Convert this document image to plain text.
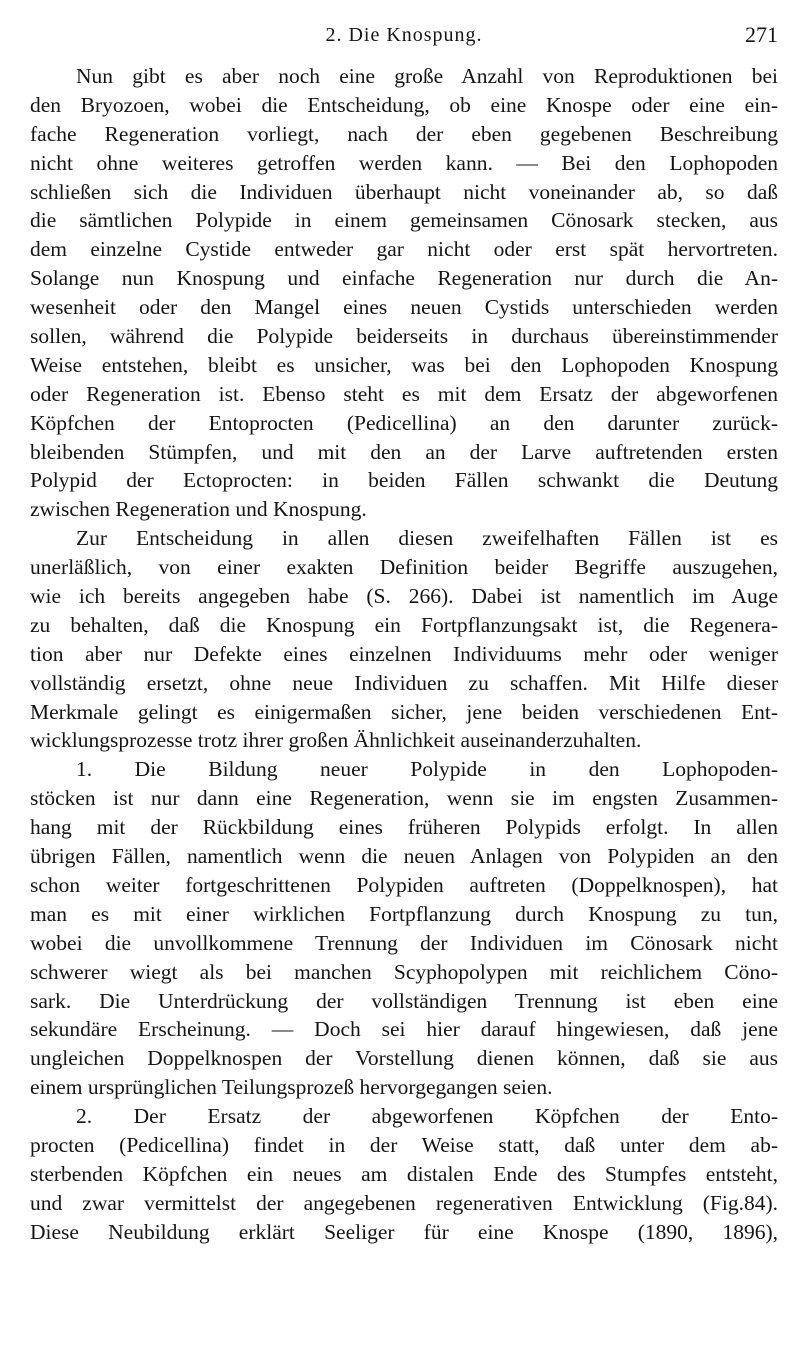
2. Die Knospung.	271
Nun gibt es aber noch eine große Anzahl von Reproduktionen bei
den Bryozoen, wobei die Entscheidung, ob eine Knospe oder eine ein-
fache Regeneration vorliegt, nach der eben gegebenen Beschreibung
nicht ohne weiteres getroffen werden kann. — Bei den Lophopoden
schließen sich die Individuen überhaupt nicht voneinander ab, so daß
die sämtlichen Polypide in einem gemeinsamen Cönosark stecken, aus
dem einzelne Cystide entweder gar nicht oder erst spät hervortreten.
Solange nun Knospung und einfache Regeneration nur durch die An-
wesenheit oder den Mangel eines neuen Cystids unterschieden werden
sollen, während die Polypide beiderseits in durchaus übereinstimmender
Weise entstehen, bleibt es unsicher, was bei den Lophopoden Knospung
oder Regeneration ist. Ebenso steht es mit dem Ersatz der abgeworfenen
Köpfchen der Entoprocten (Pedicellina) an den darunter zurück-
bleibenden Stümpfen, und mit den an der Larve auftretenden ersten
Polypid der Ectoprocten: in beiden Fällen schwankt die Deutung
zwischen Regeneration und Knospung.
Zur Entscheidung in allen diesen zweifelhaften Fällen ist es
unerläßlich, von einer exakten Definition beider Begriffe auszugehen,
wie ich bereits angegeben habe (S. 266). Dabei ist namentlich im Auge
zu behalten, daß die Knospung ein Fortpflanzungsakt ist, die Regenera-
tion aber nur Defekte eines einzelnen Individuums mehr oder weniger
vollständig ersetzt, ohne neue Individuen zu schaffen. Mit Hilfe dieser
Merkmale gelingt es einigermaßen sicher, jene beiden verschiedenen Ent-
wicklungsprozesse trotz ihrer großen Ähnlichkeit auseinanderzuhalten.
1. Die Bildung neuer Polypide in den Lophopoden-
stöcken ist nur dann eine Regeneration, wenn sie im engsten Zusammen-
hang mit der Rückbildung eines früheren Polypids erfolgt. In allen
übrigen Fällen, namentlich wenn die neuen Anlagen von Polypiden an den
schon weiter fortgeschrittenen Polypiden auftreten (Doppelknospen), hat
man es mit einer wirklichen Fortpflanzung durch Knospung zu tun,
wobei die unvollkommene Trennung der Individuen im Cönosark nicht
schwerer wiegt als bei manchen Scyphopolypen mit reichlichem Cöno-
sark. Die Unterdrückung der vollständigen Trennung ist eben eine
sekundäre Erscheinung. — Doch sei hier darauf hingewiesen, daß jene
ungleichen Doppelknospen der Vorstellung dienen können, daß sie aus
einem ursprünglichen Teilungsprozeß hervorgegangen seien.
2. Der Ersatz der abgeworfenen Köpfchen der Ento-
procten (Pedicellina) findet in der Weise statt, daß unter dem ab-
sterbenden Köpfchen ein neues am distalen Ende des Stumpfes entsteht,
und zwar vermittelst der angegebenen regenerativen Entwicklung (Fig.84).
Diese Neubildung erklärt Seeliger für eine Knospe (1890, 1896),
